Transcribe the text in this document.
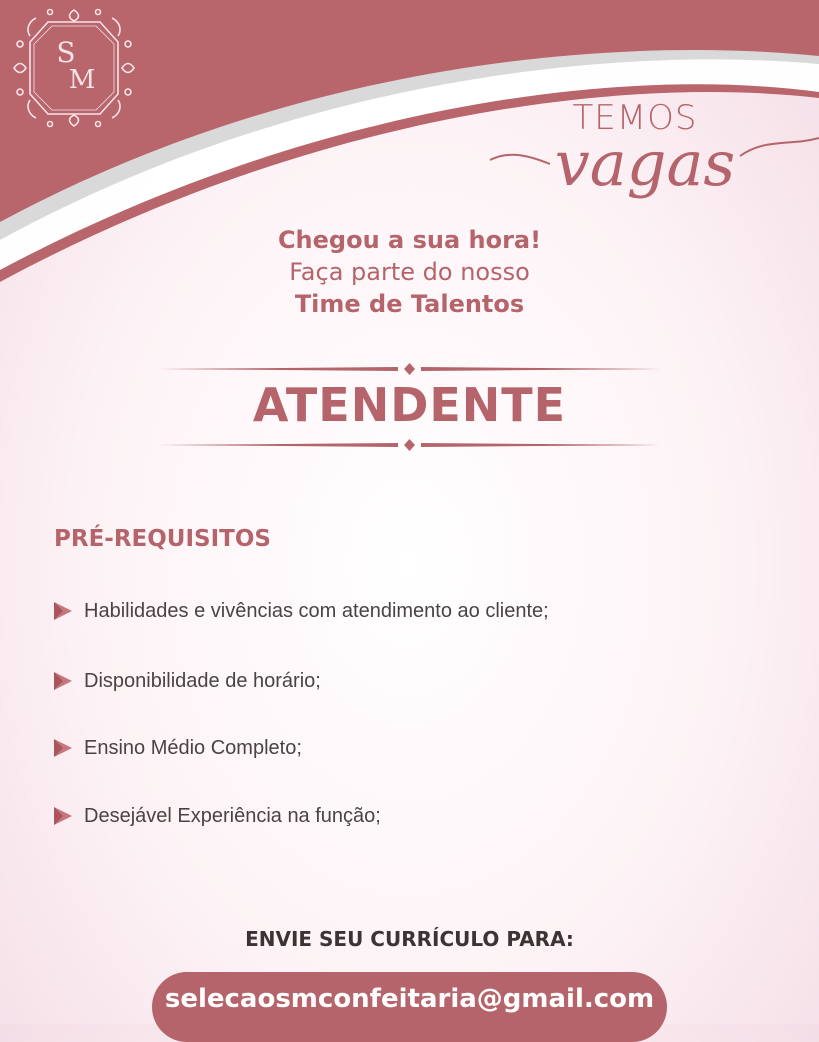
S
M
TEMOS
vagas
Chegou a sua hora!
Faça parte do nosso
Time de Talentos
ATENDENTE
PRÉ-REQUISITOS
Habilidades e vivências com atendimento ao cliente;
Disponibilidade de horário;
Ensino Médio Completo;
Desejável Experiência na função;
ENVIE SEU CURRÍCULO PARA:
selecaosmconfeitaria@gmail.com
